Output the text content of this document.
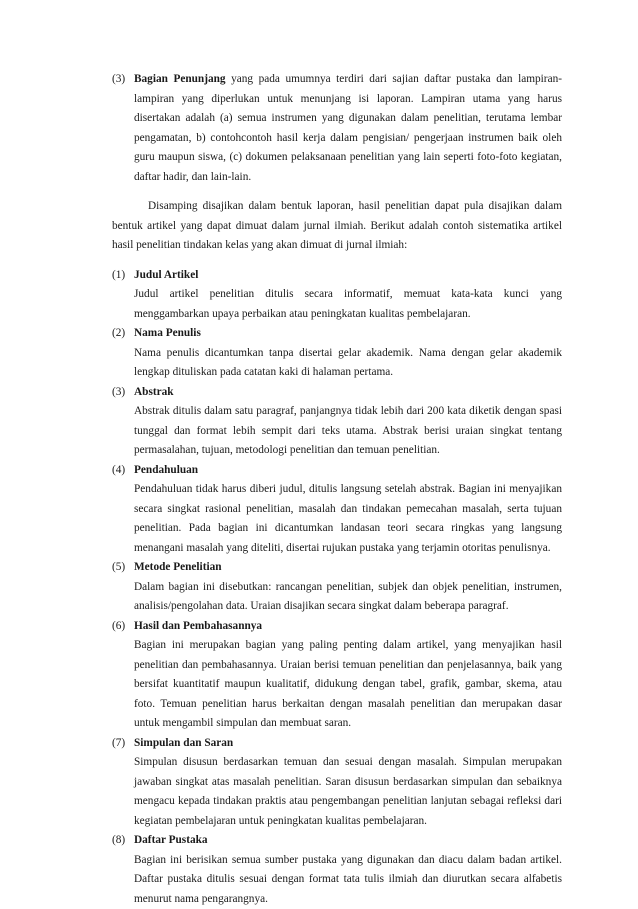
(3) Bagian Penunjang yang pada umumnya terdiri dari sajian daftar pustaka dan lampiran-lampiran yang diperlukan untuk menunjang isi laporan. Lampiran utama yang harus disertakan adalah (a) semua instrumen yang digunakan dalam penelitian, terutama lembar pengamatan, b) contohcontoh hasil kerja dalam pengisian/ pengerjaan instrumen baik oleh guru maupun siswa, (c) dokumen pelaksanaan penelitian yang lain seperti foto-foto kegiatan, daftar hadir, dan lain-lain.

Disamping disajikan dalam bentuk laporan, hasil penelitian dapat pula disajikan dalam bentuk artikel yang dapat dimuat dalam jurnal ilmiah. Berikut adalah contoh sistematika artikel hasil penelitian tindakan kelas yang akan dimuat di jurnal ilmiah:

(1) Judul Artikel
Judul artikel penelitian ditulis secara informatif, memuat kata-kata kunci yang menggambarkan upaya perbaikan atau peningkatan kualitas pembelajaran.
(2) Nama Penulis
Nama penulis dicantumkan tanpa disertai gelar akademik. Nama dengan gelar akademik lengkap dituliskan pada catatan kaki di halaman pertama.
(3) Abstrak
Abstrak ditulis dalam satu paragraf, panjangnya tidak lebih dari 200 kata diketik dengan spasi tunggal dan format lebih sempit dari teks utama. Abstrak berisi uraian singkat tentang permasalahan, tujuan, metodologi penelitian dan temuan penelitian.
(4) Pendahuluan
Pendahuluan tidak harus diberi judul, ditulis langsung setelah abstrak. Bagian ini menyajikan secara singkat rasional penelitian, masalah dan tindakan pemecahan masalah, serta tujuan penelitian. Pada bagian ini dicantumkan landasan teori secara ringkas yang langsung menangani masalah yang diteliti, disertai rujukan pustaka yang terjamin otoritas penulisnya.
(5) Metode Penelitian
Dalam bagian ini disebutkan: rancangan penelitian, subjek dan objek penelitian, instrumen, analisis/pengolahan data. Uraian disajikan secara singkat dalam beberapa paragraf.
(6) Hasil dan Pembahasannya
Bagian ini merupakan bagian yang paling penting dalam artikel, yang menyajikan hasil penelitian dan pembahasannya. Uraian berisi temuan penelitian dan penjelasannya, baik yang bersifat kuantitatif maupun kualitatif, didukung dengan tabel, grafik, gambar, skema, atau foto. Temuan penelitian harus berkaitan dengan masalah penelitian dan merupakan dasar untuk mengambil simpulan dan membuat saran.
(7) Simpulan dan Saran
Simpulan disusun berdasarkan temuan dan sesuai dengan masalah. Simpulan merupakan jawaban singkat atas masalah penelitian. Saran disusun berdasarkan simpulan dan sebaiknya mengacu kepada tindakan praktis atau pengembangan penelitian lanjutan sebagai refleksi dari kegiatan pembelajaran untuk peningkatan kualitas pembelajaran.
(8) Daftar Pustaka
Bagian ini berisikan semua sumber pustaka yang digunakan dan diacu dalam badan artikel. Daftar pustaka ditulis sesuai dengan format tata tulis ilmiah dan diurutkan secara alfabetis menurut nama pengarangnya.
